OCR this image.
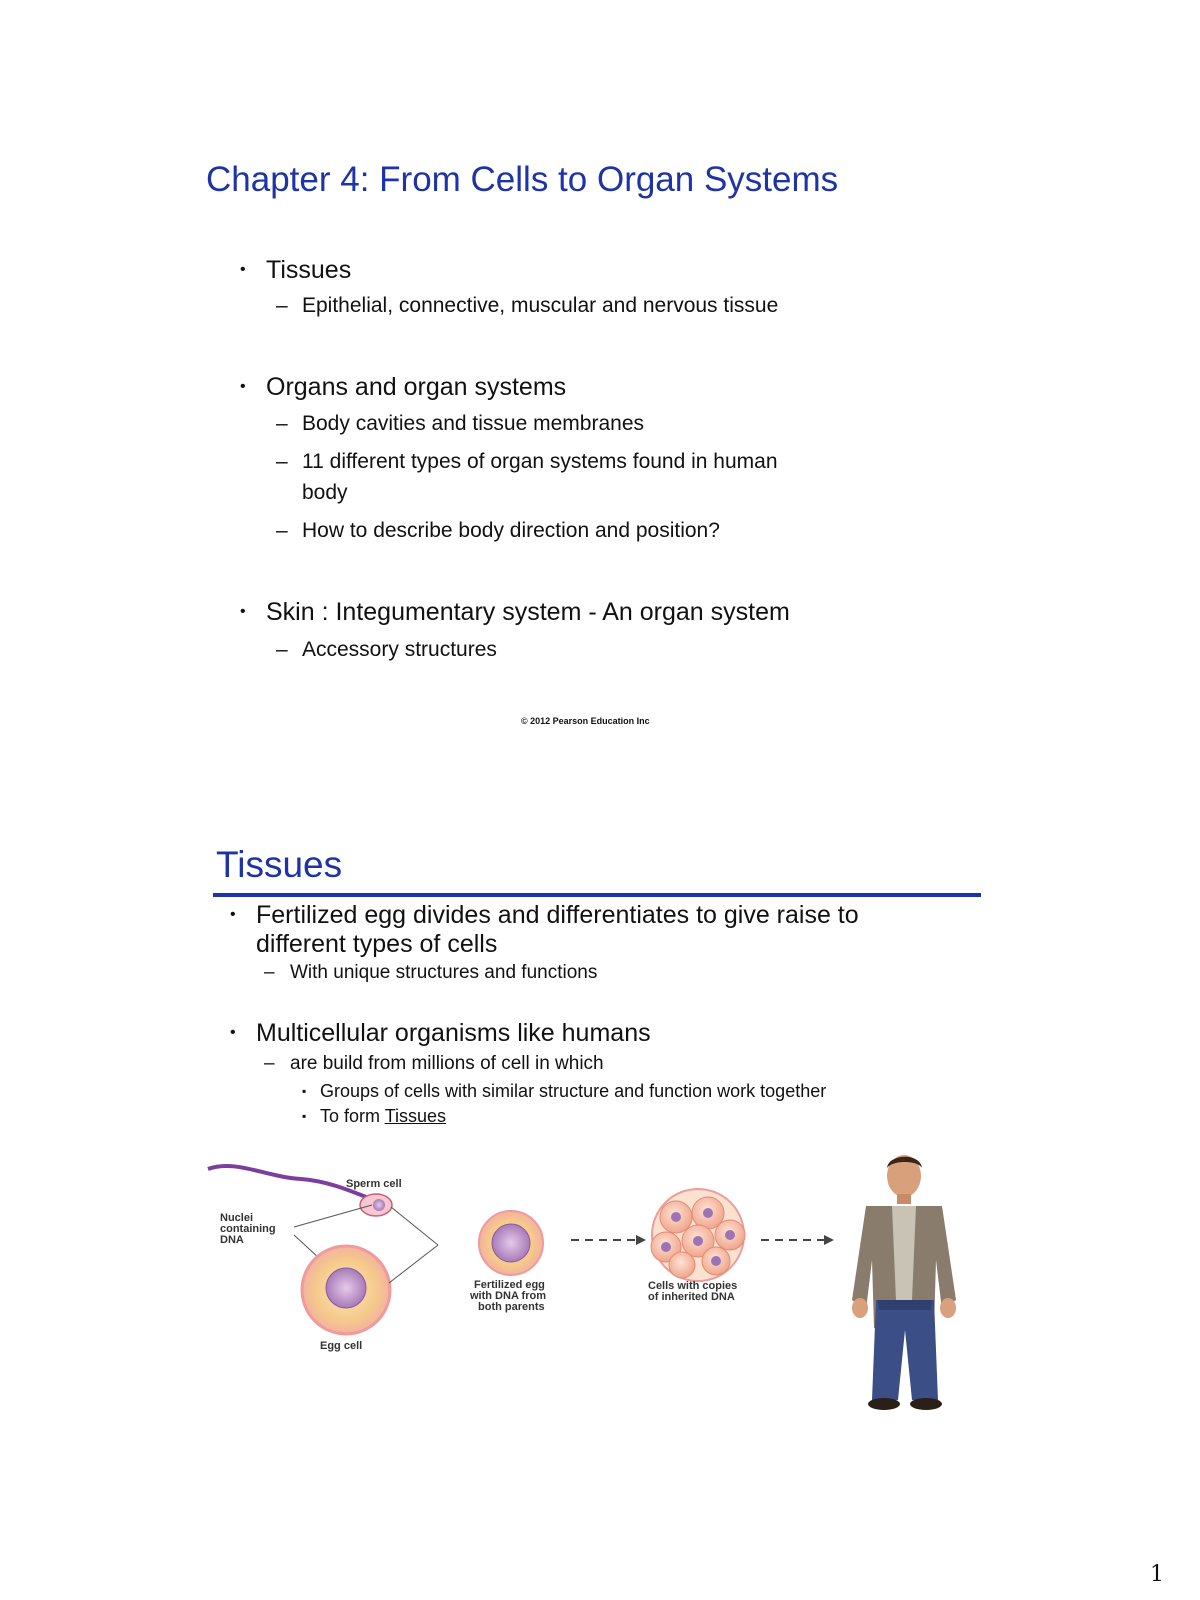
Chapter 4: From Cells to Organ Systems
• Tissues
– Epithelial, connective, muscular and nervous tissue
• Organs and organ systems
– Body cavities and tissue membranes
– 11 different types of organ systems found in human
body
– How to describe body direction and position?
• Skin : Integumentary system - An organ system
– Accessory structures
© 2012 Pearson Education Inc
Tissues
• Fertilized egg divides and differentiates to give raise to
different types of cells
– With unique structures and functions
• Multicellular organisms like humans
– are build from millions of cell in which
▪ Groups of cells with similar structure and function work together
▪ To form Tissues
Sperm cell
Nuclei
containing
DNA
Egg cell
Fertilized egg
with DNA from
both parents
Cells with copies
of inherited DNA
1
